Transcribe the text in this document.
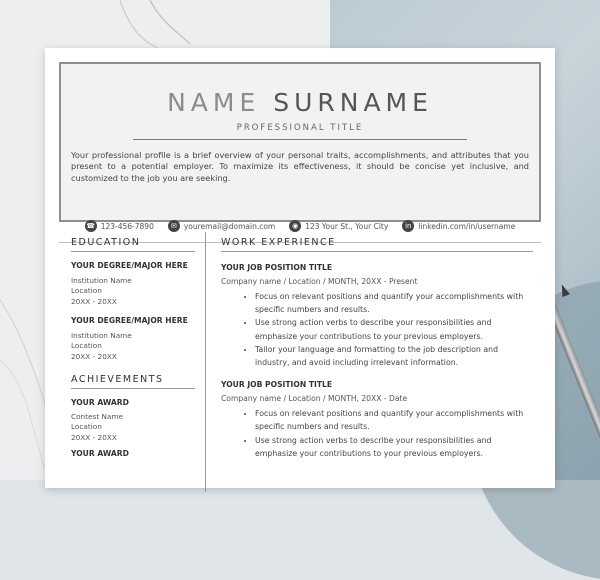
NAME SURNAME
PROFESSIONAL TITLE
Your professional profile is a brief overview of your personal traits, accomplishments, and attributes that you present to a potential employer. To maximize its effectiveness, it should be concise yet inclusive, and customized to the job you are seeking.
☎ 123-456-7890	✉ youremail@domain.com	◉ 123 Your St., Your City	in linkedin.com/in/username
EDUCATION
YOUR DEGREE/MAJOR HERE
Institution Name
Location
20XX - 20XX
YOUR DEGREE/MAJOR HERE
Institution Name
Location
20XX - 20XX
ACHIEVEMENTS
YOUR AWARD
Contest Name
Location
20XX - 20XX
YOUR AWARD
WORK EXPERIENCE
YOUR JOB POSITION TITLE
Company name / Location / MONTH, 20XX - Present
• Focus on relevant positions and quantify your accomplishments with specific numbers and results.
• Use strong action verbs to describe your responsibilities and emphasize your contributions to your previous employers.
• Tailor your language and formatting to the job description and industry, and avoid including irrelevant information.
YOUR JOB POSITION TITLE
Company name / Location / MONTH, 20XX - Date
• Focus on relevant positions and quantify your accomplishments with specific numbers and results.
• Use strong action verbs to describe your responsibilities and emphasize your contributions to your previous employers.
